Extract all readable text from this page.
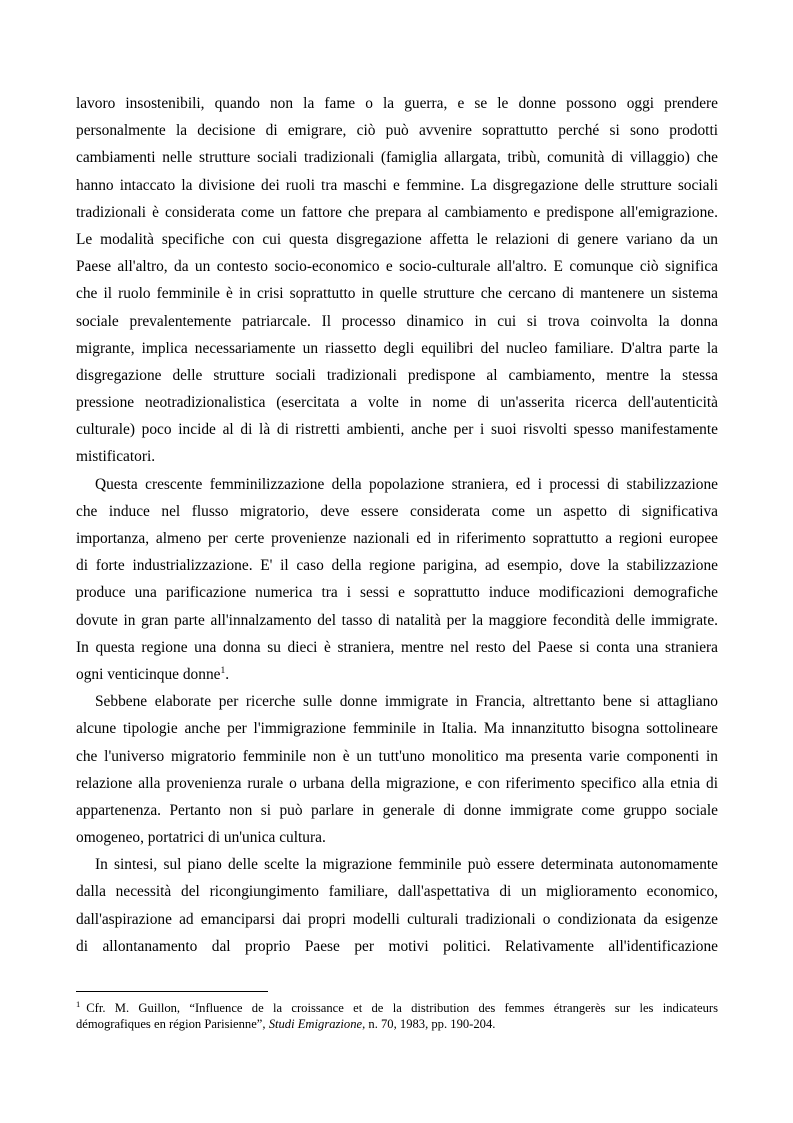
lavoro insostenibili, quando non la fame o la guerra, e se le donne possono oggi prendere
personalmente la decisione di emigrare, ciò può avvenire soprattutto perché si sono prodotti
cambiamenti nelle strutture sociali tradizionali (famiglia allargata, tribù, comunità di villaggio) che
hanno intaccato la divisione dei ruoli tra maschi e femmine. La disgregazione delle strutture sociali
tradizionali è considerata come un fattore che prepara al cambiamento e predispone all'emigrazione.
Le modalità specifiche con cui questa disgregazione affetta le relazioni di genere variano da un
Paese all'altro, da un contesto socio-economico e socio-culturale all'altro. E comunque ciò significa
che il ruolo femminile è in crisi soprattutto in quelle strutture che cercano di mantenere un sistema
sociale prevalentemente patriarcale. Il processo dinamico in cui si trova coinvolta la donna
migrante, implica necessariamente un riassetto degli equilibri del nucleo familiare. D'altra parte la
disgregazione delle strutture sociali tradizionali predispone al cambiamento, mentre la stessa
pressione neotradizionalistica (esercitata a volte in nome di un'asserita ricerca dell'autenticità
culturale) poco incide al di là di ristretti ambienti, anche per i suoi risvolti spesso manifestamente
mistificatori.
Questa crescente femminilizzazione della popolazione straniera, ed i processi di stabilizzazione
che induce nel flusso migratorio, deve essere considerata come un aspetto di significativa
importanza, almeno per certe provenienze nazionali ed in riferimento soprattutto a regioni europee
di forte industrializzazione. E' il caso della regione parigina, ad esempio, dove la stabilizzazione
produce una parificazione numerica tra i sessi e soprattutto induce modificazioni demografiche
dovute in gran parte all'innalzamento del tasso di natalità per la maggiore fecondità delle immigrate.
In questa regione una donna su dieci è straniera, mentre nel resto del Paese si conta una straniera
ogni venticinque donne$^1$.
Sebbene elaborate per ricerche sulle donne immigrate in Francia, altrettanto bene si attagliano
alcune tipologie anche per l'immigrazione femminile in Italia. Ma innanzitutto bisogna sottolineare
che l'universo migratorio femminile non è un tutt'uno monolitico ma presenta varie componenti in
relazione alla provenienza rurale o urbana della migrazione, e con riferimento specifico alla etnia di
appartenenza. Pertanto non si può parlare in generale di donne immigrate come gruppo sociale
omogeneo, portatrici di un'unica cultura.
In sintesi, sul piano delle scelte la migrazione femminile può essere determinata autonomamente
dalla necessità del ricongiungimento familiare, dall'aspettativa di un miglioramento economico,
dall'aspirazione ad emanciparsi dai propri modelli culturali tradizionali o condizionata da esigenze
di allontanamento dal proprio Paese per motivi politici. Relativamente all'identificazione
$^1$ Cfr. M. Guillon, “Influence de la croissance et de la distribution des femmes étrangerès sur les indicateurs
démografiques en région Parisienne”, Studi Emigrazione, n. 70, 1983, pp. 190-204.
